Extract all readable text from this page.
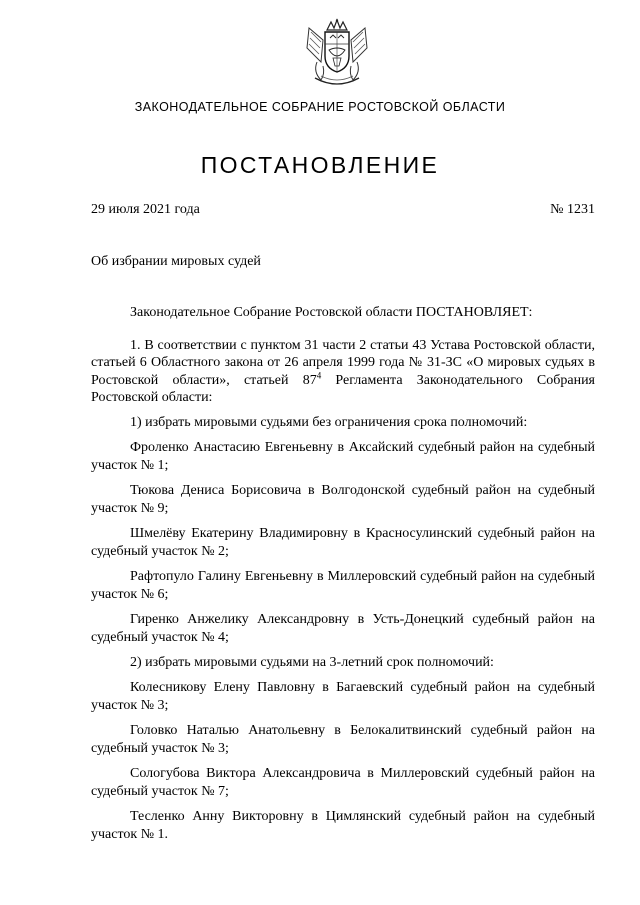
ЗАКОНОДАТЕЛЬНОЕ СОБРАНИЕ РОСТОВСКОЙ ОБЛАСТИ
ПОСТАНОВЛЕНИЕ
29 июля 2021 года	№ 1231
Об избрании мировых судей

Законодательное Собрание Ростовской области ПОСТАНОВЛЯЕТ:

1. В соответствии с пунктом 31 части 2 статьи 43 Устава Ростовской области, статьей 6 Областного закона от 26 апреля 1999 года № 31-ЗС «О мировых судьях в Ростовской области», статьей $87^4$ Регламента Законодательного Собрания Ростовской области:

1) избрать мировыми судьями без ограничения срока полномочий:

Фроленко Анастасию Евгеньевну в Аксайский судебный район на судебный участок № 1;

Тюкова Дениса Борисовича в Волгодонской судебный район на судебный участок № 9;

Шмелёву Екатерину Владимировну в Красносулинский судебный район на судебный участок № 2;

Рафтопуло Галину Евгеньевну в Миллеровский судебный район на судебный участок № 6;

Гиренко Анжелику Александровну в Усть-Донецкий судебный район на судебный участок № 4;

2) избрать мировыми судьями на 3-летний срок полномочий:

Колесникову Елену Павловну в Багаевский судебный район на судебный участок № 3;

Головко Наталью Анатольевну в Белокалитвинский судебный район на судебный участок № 3;

Сологубова Виктора Александровича в Миллеровский судебный район на судебный участок № 7;

Тесленко Анну Викторовну в Цимлянский судебный район на судебный участок № 1.
